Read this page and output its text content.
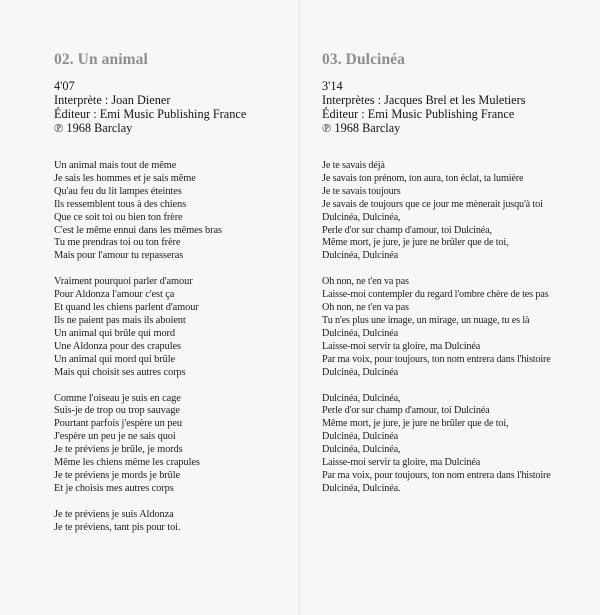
02. Un animal
4'07
Interprète : Joan Diener
Éditeur : Emi Music Publishing France
℗ 1968 Barclay
Un animal mais tout de même
Je sais les hommes et je sais même
Qu'au feu du lit lampes éteintes
Ils ressemblent tous à des chiens
Que ce soit toi ou bien ton frère
C'est le même ennui dans les mêmes bras
Tu me prendras toi ou ton frère
Mais pour l'amour tu repasseras
Vraiment pourquoi parler d'amour
Pour Aldonza l'amour c'est ça
Et quand les chiens parlent d'amour
Ils ne paient pas mais ils aboient
Un animal qui brûle qui mord
Une Aldonza pour des crapules
Un animal qui mord qui brûle
Mais qui choisit ses autres corps
Comme l'oiseau je suis en cage
Suis-je de trop ou trop sauvage
Pourtant parfois j'espère un peu
J'espère un peu je ne sais quoi
Je te préviens je brûle, je mords
Même les chiens même les crapules
Je te préviens je mords je brûle
Et je choisis mes autres corps
Je te préviens je suis Aldonza
Je te préviens, tant pis pour toi.
03. Dulcinéa
3'14
Interprètes : Jacques Brel et les Muletiers
Éditeur : Emi Music Publishing France
℗ 1968 Barclay
Je te savais déjà
Je savais ton prénom, ton aura, ton éclat, ta lumière
Je te savais toujours
Je savais de toujours que ce jour me mènerait jusqu'à toi
Dulcinéa, Dulcinéa,
Perle d'or sur champ d'amour, toi Dulcinéa,
Même mort, je jure, je jure ne brûler que de toi,
Dulcinéa, Dulcinéa
Oh non, ne t'en va pas
Laisse-moi contempler du regard l'ombre chère de tes pas
Oh non, ne t'en va pas
Tu n'es plus une image, un mirage, un nuage, tu es là
Dulcinéa, Dulcinéa
Laisse-moi servir ta gloire, ma Dulcinéa
Par ma voix, pour toujours, ton nom entrera dans l'histoire
Dulcinéa, Dulcinéa
Dulcinéa, Dulcinéa,
Perle d'or sur champ d'amour, toi Dulcinéa
Même mort, je jure, je jure ne brûler que de toi,
Dulcinéa, Dulcinéa
Dulcinéa, Dulcinéa,
Laisse-moi servir ta gloire, ma Dulcinéa
Par ma voix, pour toujours, ton nom entrera dans l'histoire
Dulcinéa, Dulcinéa.
